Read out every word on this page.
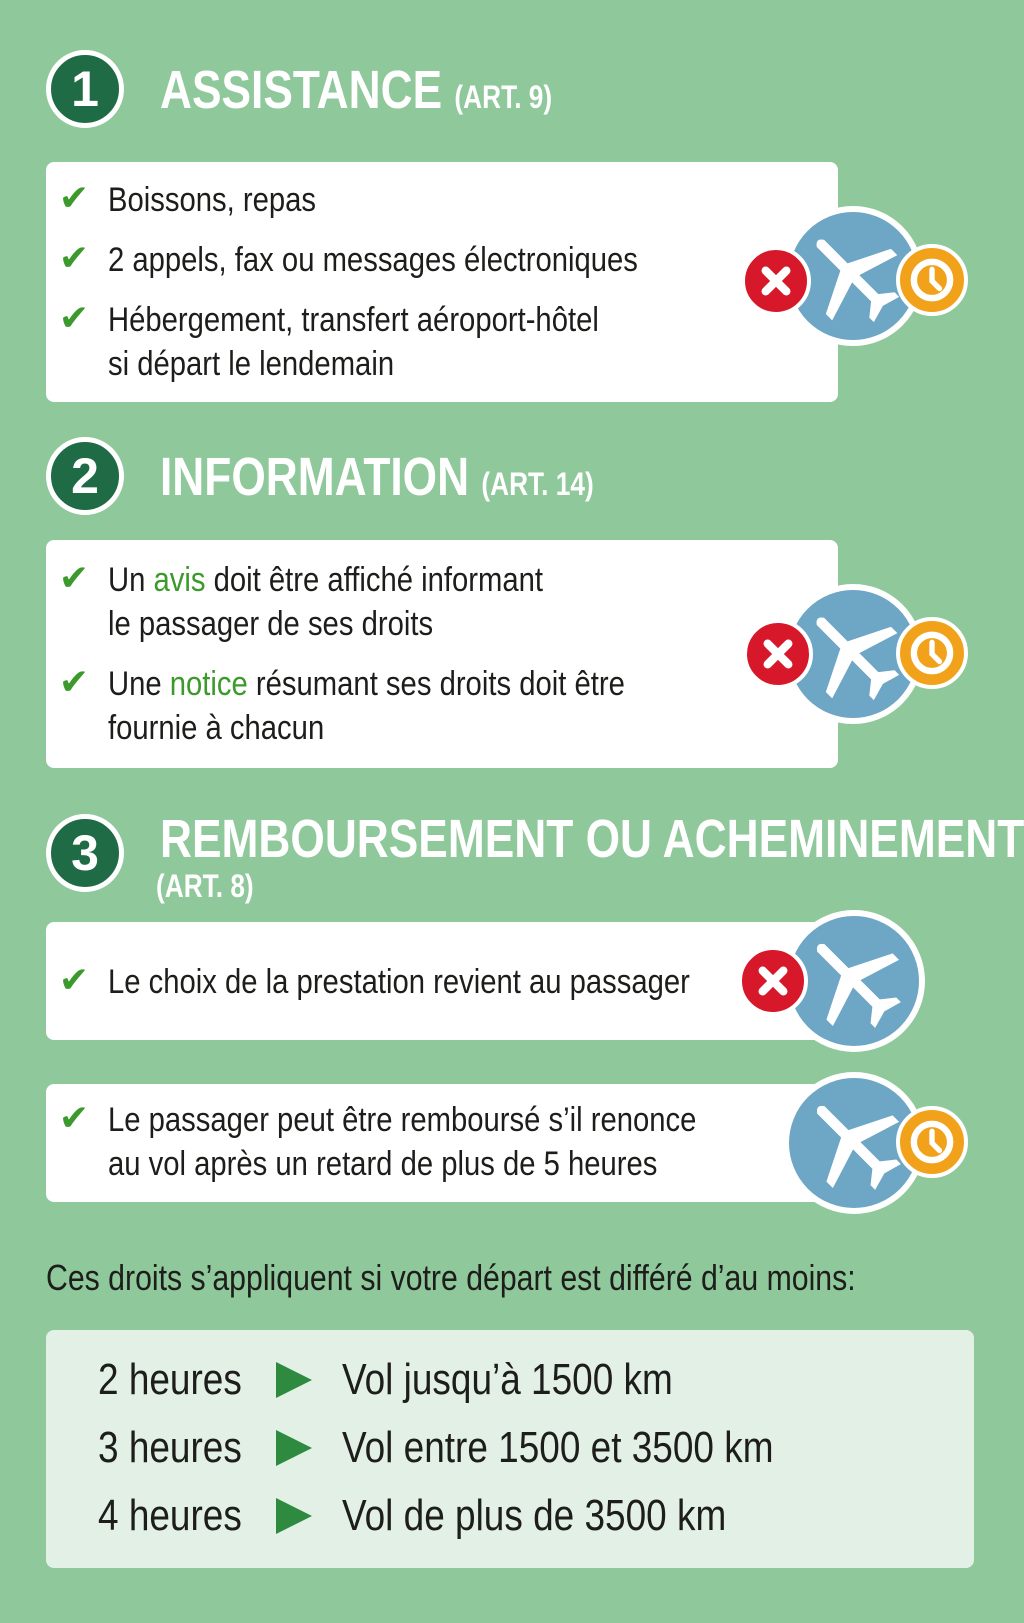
1 ASSISTANCE (ART. 9)
✔ Boissons, repas
✔ 2 appels, fax ou messages électroniques
✔ Hébergement, transfert aéroport-hôtel
si départ le lendemain
2 INFORMATION (ART. 14)
✔ Un avis doit être affiché informant
le passager de ses droits
✔ Une notice résumant ses droits doit être
fournie à chacun
3 REMBOURSEMENT OU ACHEMINEMENT
(ART. 8)
✔ Le choix de la prestation revient au passager
✔ Le passager peut être remboursé s’il renonce
au vol après un retard de plus de 5 heures
Ces droits s’appliquent si votre départ est différé d’au moins:
2 heures Vol jusqu’à 1500 km
3 heures Vol entre 1500 et 3500 km
4 heures Vol de plus de 3500 km
